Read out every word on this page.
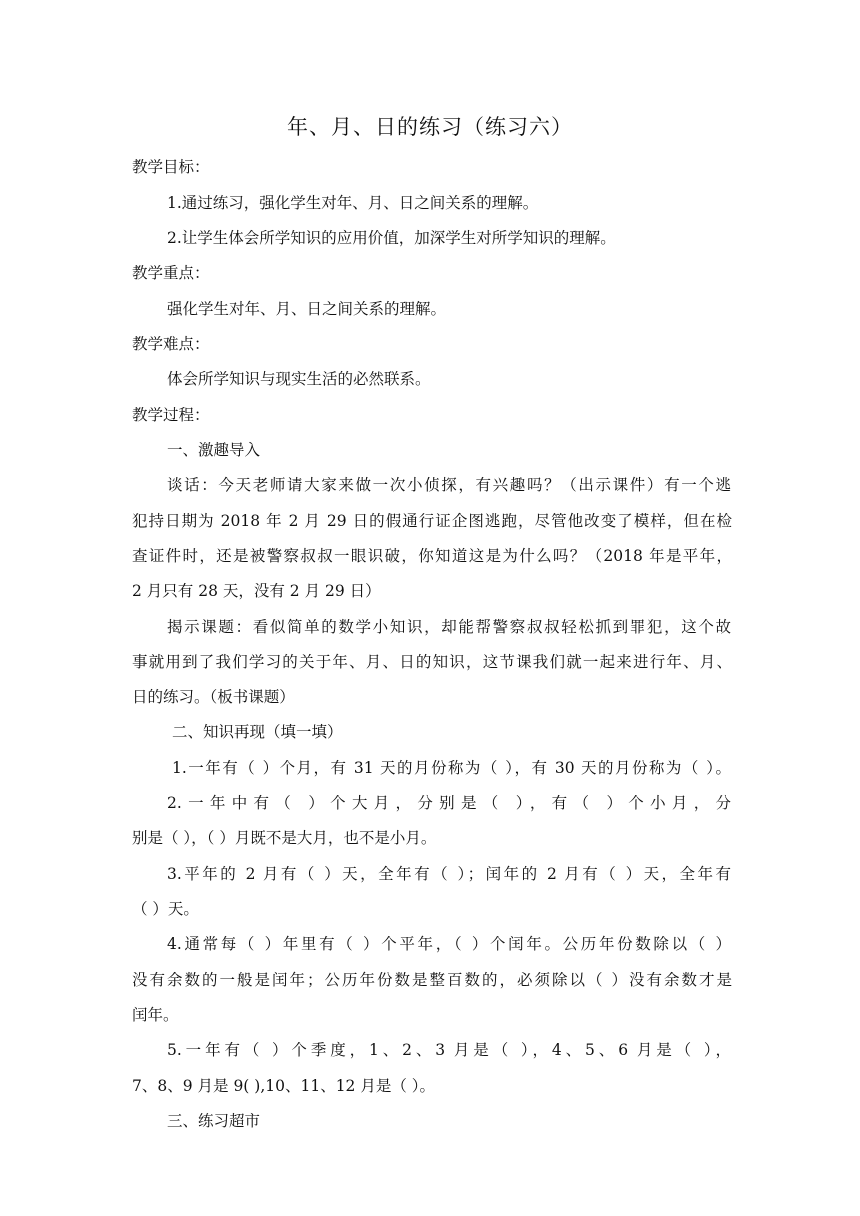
年、月、日的练习（练习六）
教学目标：
1.通过练习，强化学生对年、月、日之间关系的理解。
2.让学生体会所学知识的应用价值，加深学生对所学知识的理解。
教学重点：
强化学生对年、月、日之间关系的理解。
教学难点：
体会所学知识与现实生活的必然联系。
教学过程：
一、激趣导入
谈话：今天老师请大家来做一次小侦探，有兴趣吗？（出示课件）有一个逃
犯持日期为 2018 年 2 月 29 日的假通行证企图逃跑，尽管他改变了模样，但在检
查证件时，还是被警察叔叔一眼识破，你知道这是为什么吗？（2018 年是平年，
2 月只有 28 天，没有 2 月 29 日）
揭示课题：看似简单的数学小知识，却能帮警察叔叔轻松抓到罪犯，这个故
事就用到了我们学习的关于年、月、日的知识，这节课我们就一起来进行年、月、
日的练习。（板书课题）
二、知识再现（填一填）
1.一年有（ ）个月，有 31 天的月份称为（ ），有 30 天的月份称为（ ）。
2.一年中有（ ）个大月，分别是（ ），有（ ）个小月，分
别是（ ），（ ）月既不是大月，也不是小月。
3.平年的 2 月有（ ）天，全年有（ ）；闰年的 2 月有（ ）天，全年有
（ ）天。
4.通常每（ ）年里有（ ）个平年，（ ）个闰年。公历年份数除以（ ）
没有余数的一般是闰年；公历年份数是整百数的，必须除以（ ）没有余数才是
闰年。
5.一年有（ ）个季度，1、2、3 月是（ ），4、5、6 月是（ ），
7、8、9 月是 9( ),10、11、12 月是（ ）。
三、练习超市
